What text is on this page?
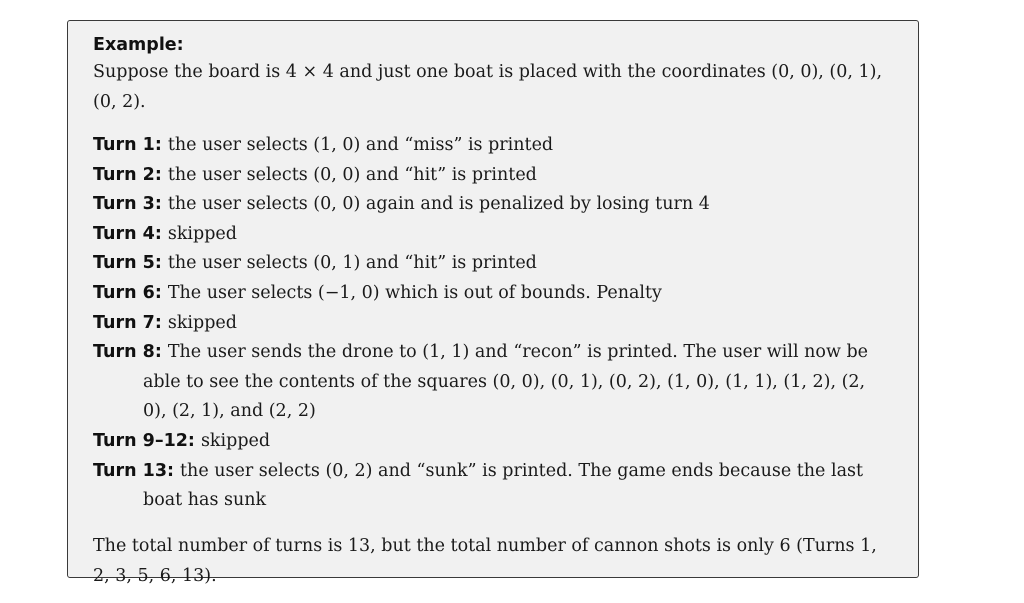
Example:

Suppose the board is 4 × 4 and just one boat is placed with the coordinates (0, 0), (0, 1), (0, 2).

Turn 1: the user selects (1, 0) and “miss” is printed
Turn 2: the user selects (0, 0) and “hit” is printed
Turn 3: the user selects (0, 0) again and is penalized by losing turn 4
Turn 4: skipped
Turn 5: the user selects (0, 1) and “hit” is printed
Turn 6: The user selects (−1, 0) which is out of bounds. Penalty
Turn 7: skipped
Turn 8: The user sends the drone to (1, 1) and “recon” is printed. The user will now be able to see the contents of the squares (0, 0), (0, 1), (0, 2), (1, 0), (1, 1), (1, 2), (2, 0), (2, 1), and (2, 2)
Turn 9–12: skipped
Turn 13: the user selects (0, 2) and “sunk” is printed. The game ends because the last boat has sunk

The total number of turns is 13, but the total number of cannon shots is only 6 (Turns 1, 2, 3, 5, 6, 13).
